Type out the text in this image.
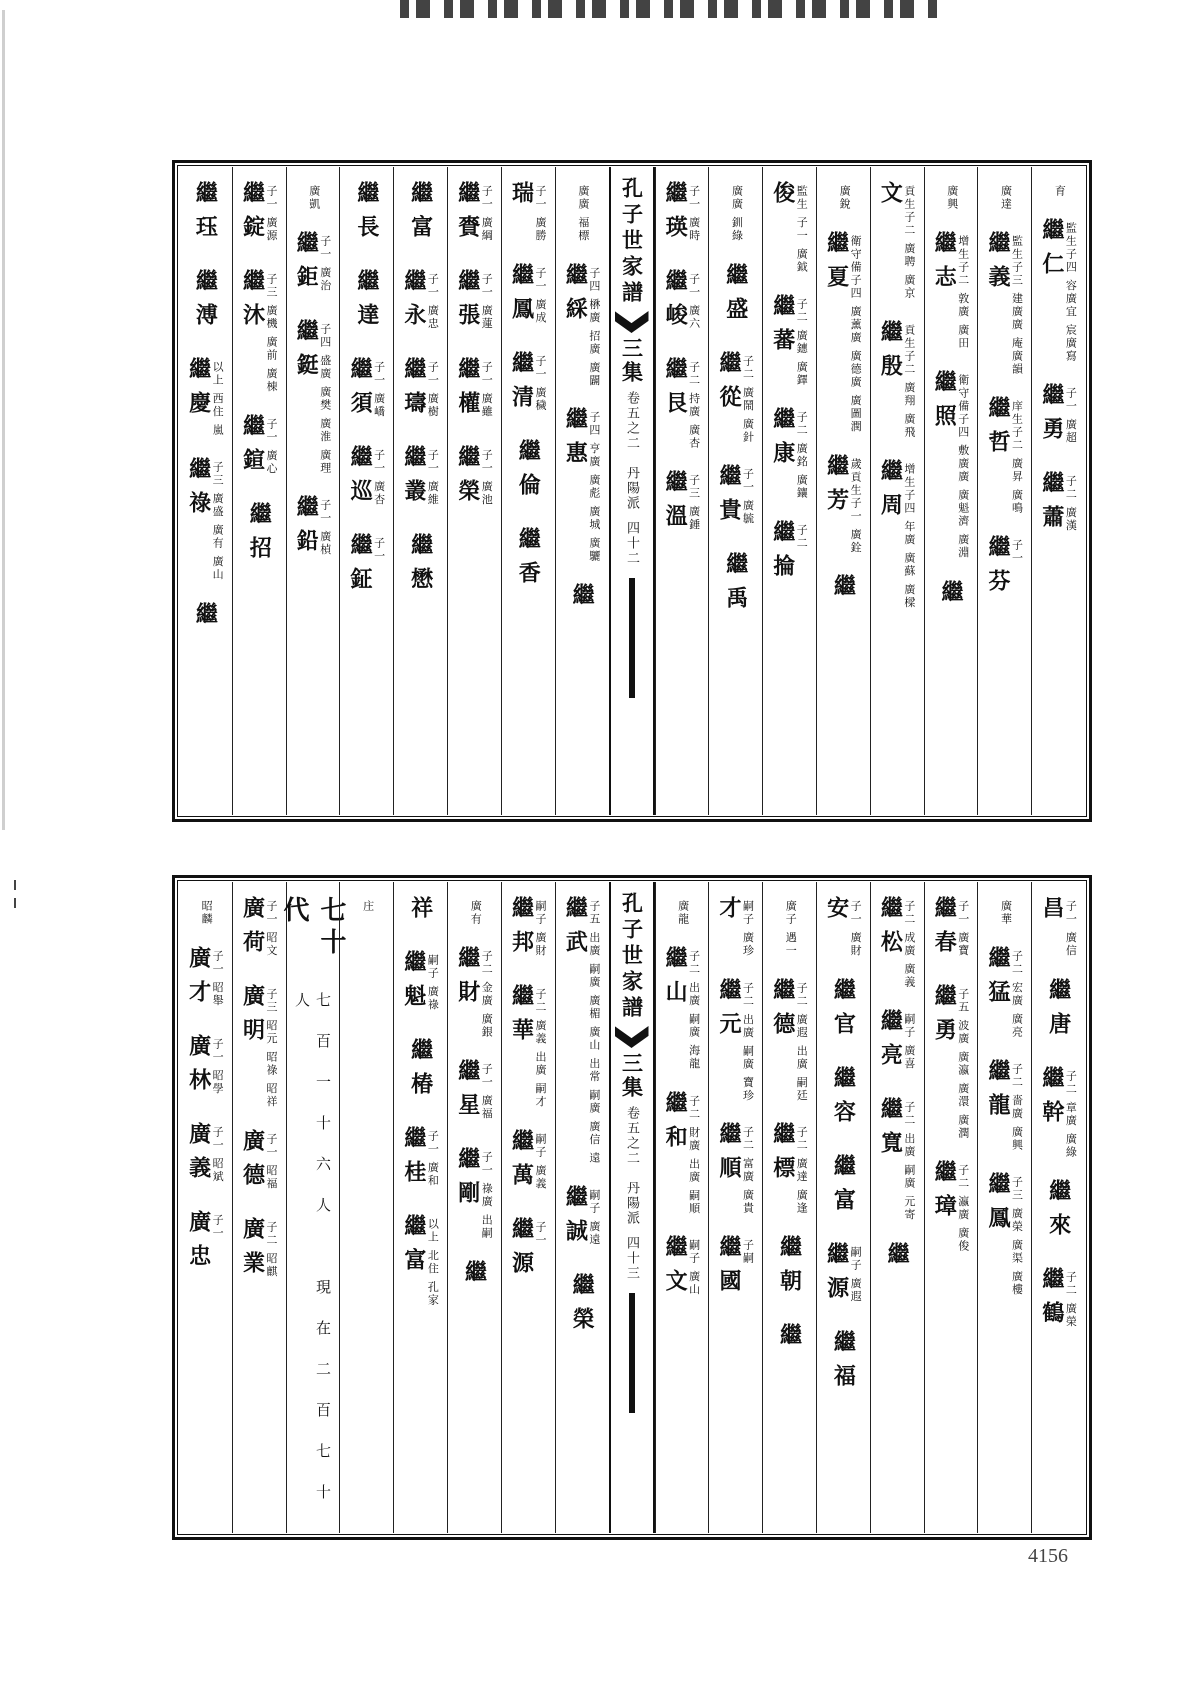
育
繼仁 監生子四 容廣宜 宸廣寫
繼勇 子一 廣超
繼蕭 子二 廣漢
廣達
繼義 監生子三 建廣廣 庵廣韻
繼哲 庠生子二 廣昇 廣鳴
繼芬 子一
廣興
繼志 增生子二 敦廣 廣田
繼照 衛守備子四 敷廣廣 廣魁濟 廣淵
繼
文 貢生子二 廣聘 廣京
繼殷 貢生子二 廣翔 廣飛
繼周 增生子四 年廣 廣蘇 廣樑
廣銳
繼夏 衛守備子四 廣薰廣 廣德廣 廣圖潤
繼芳 歲貢生子一 廣銓
繼
俊 監生 子一 廣鉞
繼蕃 子二 廣鏸 廣鐸
繼康 子二 廣銘 廣鑲
繼掄 子二
廣廣 釧綠
繼盛
繼從 子二 廣鬧 廣針
繼貴 子一 廣毓
繼禹
繼瑛 子一 廣時
繼峻 子一 廣六
繼艮 子二 持廣 廣杏
繼溫 子三 廣錘
孔子世家譜
三集
卷五之二　丹陽派
四十二
廣廣 福標
繼綵 子四 楙廣 招廣 廣闢
繼惠 子四 亨廣 廣彪 廣城 廣驪
繼
瑞 子一 廣勝
繼鳳 子一 廣成
繼清 子一 廣穢
繼倫
繼香
繼賚 子一 廣綱
繼張 子一 廣蓮
繼權 子一 廣雖
繼榮 子一 廣池
繼富
繼永 子一 廣忠
繼璹 子一 廣樹
繼叢 子一 廣維
繼懋
繼長
繼達
繼須 子一 廣嶠
繼巡 子一 廣杏
繼鉦 子一
廣凱
繼鉅 子一 廣治
繼鋌 子四 盛廣 廣樊 廣淮 廣理
繼鉛 子一 廣楨
繼錠 子一 廣源
繼沐 子三 廣機 廣前 廣棟
繼鍹 子一 廣心
繼招
繼珏
繼溥
繼慶 以上 西住 嵐
繼祿 子三 廣盛 廣有 廣山
繼
昌 子一 廣信
繼唐
繼幹 子二 章廣 廣綠
繼來
繼鶴 子二 廣榮
廣華
繼猛 子二 宏廣 廣亮
繼龍 子二 嗇廣 廣興
繼鳳 子三 廣榮 廣渠 廣樓
繼春 子一 廣寶
繼勇 子五 波廣 廣瀛 廣澴 廣潤
繼璋 子二 瀛廣 廣俊
繼松 子二 成廣 廣義
繼亮 嗣子 廣喜
繼寬 子二 出廣 嗣廣 元寄
繼
安 子一 廣財
繼官
繼容
繼富
繼源 嗣子 廣遐
繼福
廣子 遇一
繼德 子二 廣遐 出廣 嗣廷
繼標 子二 廣達 廣逢
繼朝
繼
才 嗣子 廣珍
繼元 子二 出廣 嗣廣 寶珍
繼順 子二 富廣 廣貴
繼國 子嗣
廣龍
繼山 子二 出廣 嗣廣 海龍
繼和 子二 財廣 出廣 嗣順
繼文 嗣子 廣山
孔子世家譜
三集
卷五之二　丹陽派
四十三
繼武 子五 出廣 嗣廣 廣楣 廣山 出常 嗣廣 廣信 遠
繼誠 嗣子 廣遠
繼榮
繼邦 嗣子 廣財
繼華 子二 廣義 出廣 嗣才
繼萬 嗣子 廣義
繼源 子一
廣有
繼財 子二 金廣 廣銀
繼星 子一 廣福
繼剛 子一 祿廣 出嗣
繼
祥
繼魁 嗣子 廣祿
繼椿
繼桂 子一 廣和
繼富 以上 北住 孔家
庄
七十代
七百一十六人　現在二百七十人
廣荷 子一 昭文
廣明 子三 昭元 昭祿 昭祥
廣德 子一 昭福
廣業 子二 昭麒
昭麟
廣才 子一 昭舉
廣林 子一 昭學
廣義 子一 昭斌
廣忠 子一
4156
